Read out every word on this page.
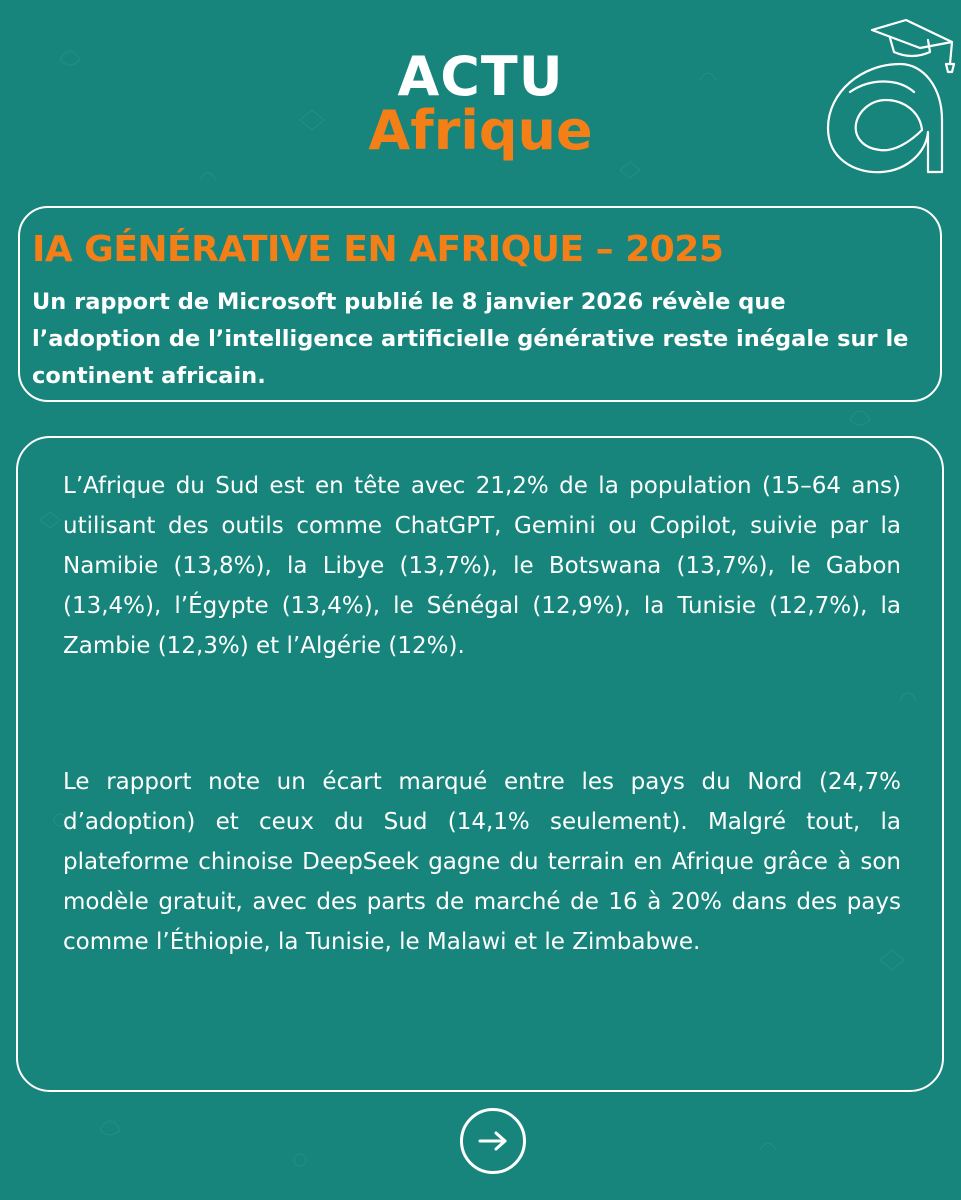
ACTU
Afrique
IA GÉNÉRATIVE EN AFRIQUE – 2025

Un rapport de Microsoft publié le 8 janvier 2026 révèle que l’adoption de l’intelligence artificielle générative reste inégale sur le continent africain.

L’Afrique du Sud est en tête avec 21,2% de la population (15–64 ans) utilisant des outils comme ChatGPT, Gemini ou Copilot, suivie par la Namibie (13,8%), la Libye (13,7%), le Botswana (13,7%), le Gabon (13,4%), l’Égypte (13,4%), le Sénégal (12,9%), la Tunisie (12,7%), la Zambie (12,3%) et l’Algérie (12%).

Le rapport note un écart marqué entre les pays du Nord (24,7% d’adoption) et ceux du Sud (14,1% seulement). Malgré tout, la plateforme chinoise DeepSeek gagne du terrain en Afrique grâce à son modèle gratuit, avec des parts de marché de 16 à 20% dans des pays comme l’Éthiopie, la Tunisie, le Malawi et le Zimbabwe.
